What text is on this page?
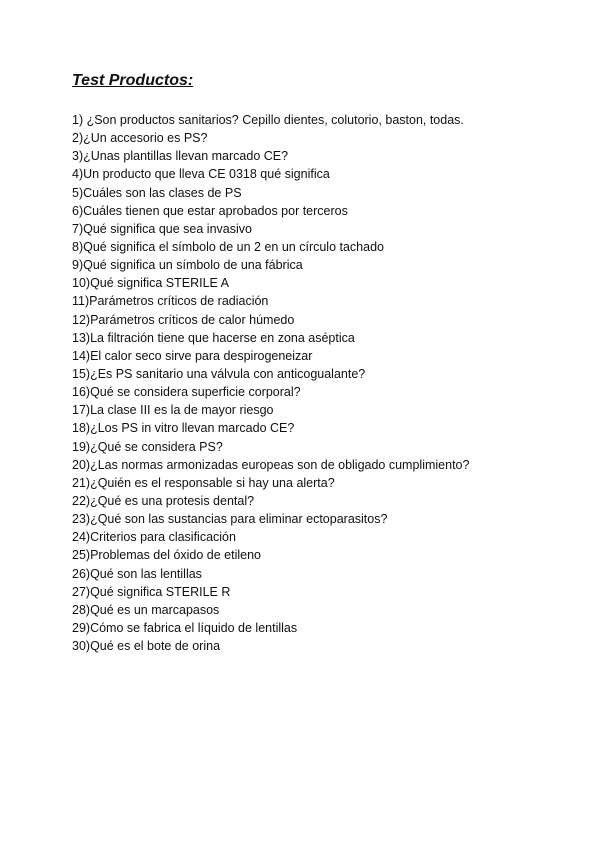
Test Productos:
1) ¿Son productos sanitarios? Cepillo dientes, colutorio, baston, todas.
2)¿Un accesorio es PS?
3)¿Unas plantillas llevan marcado CE?
4)Un producto que lleva CE 0318 qué significa
5)Cuáles son las clases de PS
6)Cuáles tienen que estar aprobados por terceros
7)Qué significa que sea invasivo
8)Qué significa el símbolo de un 2 en un círculo tachado
9)Qué significa un símbolo de una fábrica
10)Qué significa STERILE A
11)Parámetros críticos de radiación
12)Parámetros críticos de calor húmedo
13)La filtración tiene que hacerse en zona aséptica
14)El calor seco sirve para despirogeneizar
15)¿Es PS sanitario una válvula con anticogualante?
16)Qué se considera superficie corporal?
17)La clase III es la de mayor riesgo
18)¿Los PS in vitro llevan marcado CE?
19)¿Qué se considera PS?
20)¿Las normas armonizadas europeas son de obligado cumplimiento?
21)¿Quién es el responsable si hay una alerta?
22)¿Qué es una protesis dental?
23)¿Qué son las sustancias para eliminar ectoparasitos?
24)Criterios para clasificación
25)Problemas del óxido de etileno
26)Qué son las lentillas
27)Qué significa STERILE R
28)Qué es un marcapasos
29)Cómo se fabrica el líquido de lentillas
30)Qué es el bote de orina
